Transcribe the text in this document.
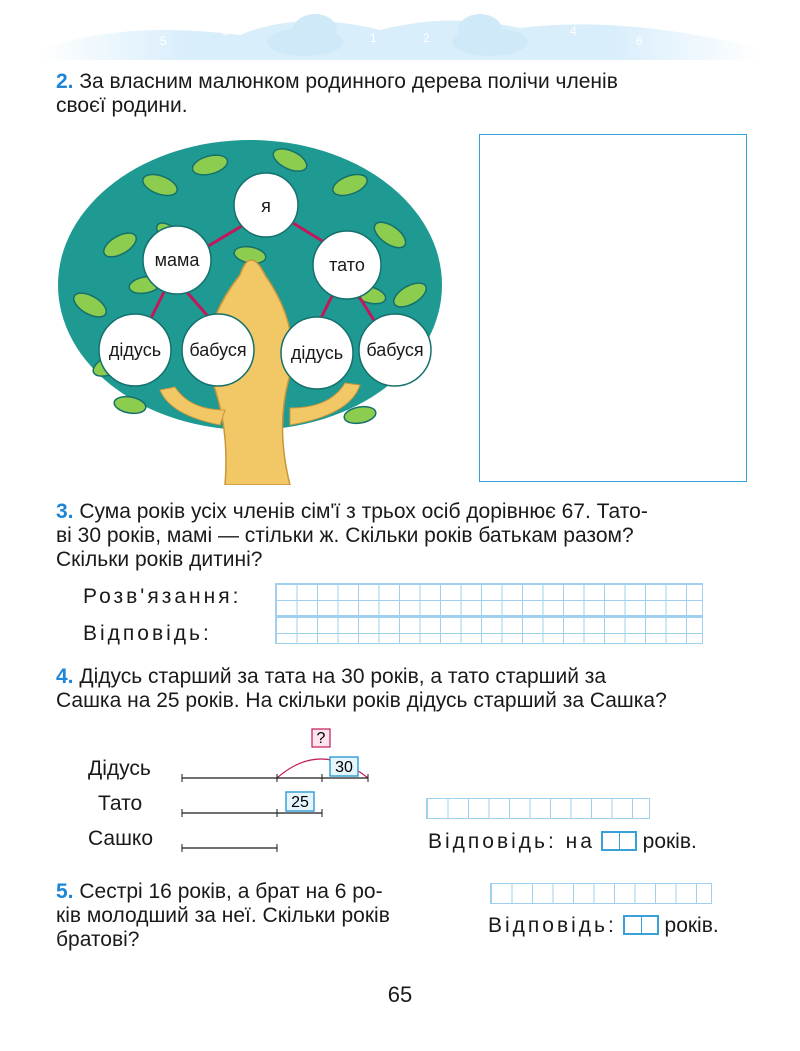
7
5
3	1
0
2	4
6
8
2. За власним малюнком родинного дерева полічи членів
своєї родини.
я
мама	тато
дідусь бабуся дідусь бабуся
3. Сума років усіх членів сім'ї з трьох осіб дорівнює 67. Тато-
ві 30 років, мамі — стільки ж. Скільки років батькам разом?
Скільки років дитині?
Розв'язання:
Відповідь:
4. Дідусь старший за тата на 30 років, а тато старший за
Сашка на 25 років. На скільки років дідусь старший за Сашка?
Дідусь
Тато
Сашко
?
30
25
Відповідь: на років.
5. Сестрі 16 років, а брат на 6 ро-
ків молодший за неї. Скільки років
братові?
Відповідь: років.
65
